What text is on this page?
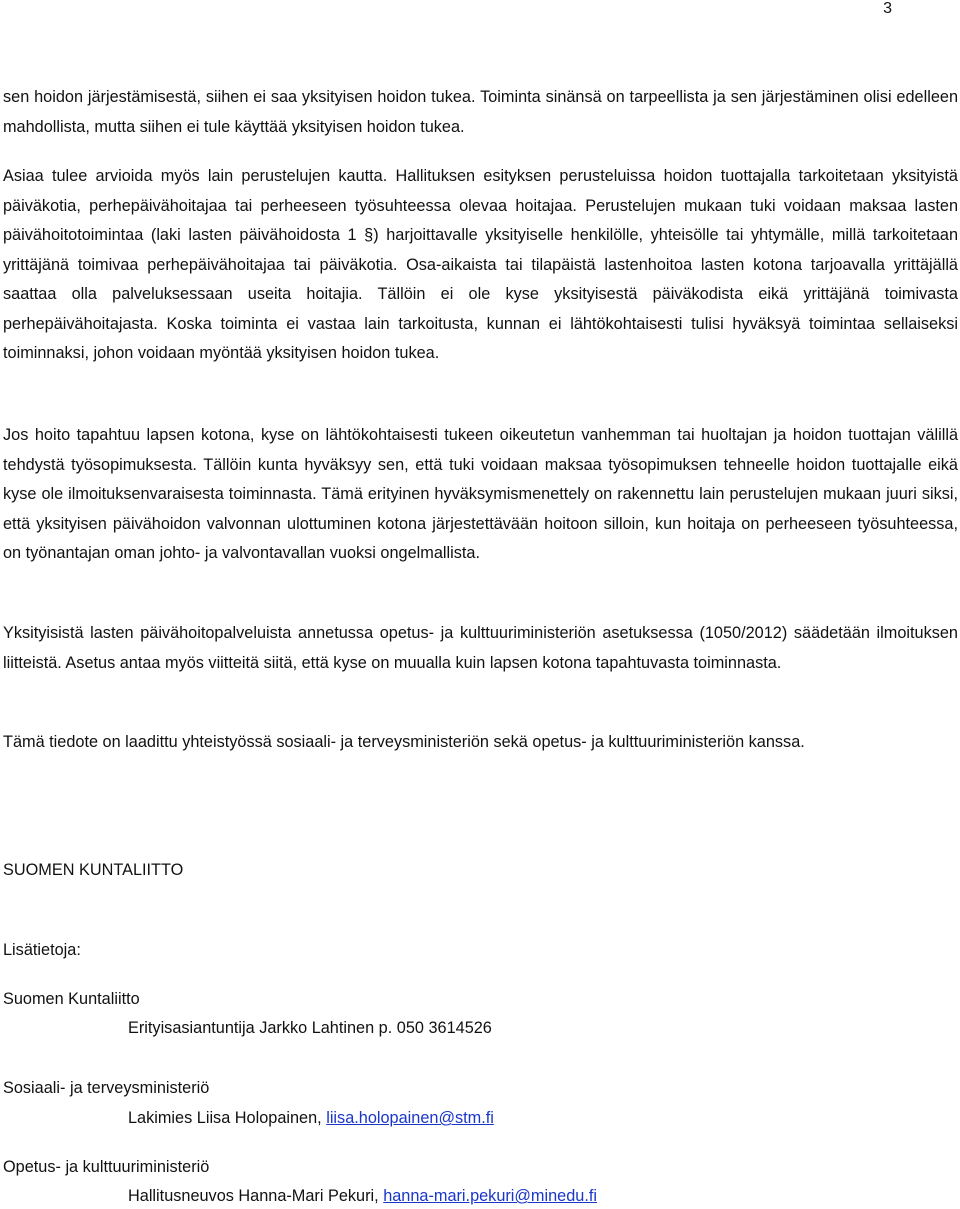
3

sen hoidon järjestämisestä, siihen ei saa yksityisen hoidon tukea. Toiminta sinänsä on tarpeellista ja sen järjestäminen olisi edelleen mahdollista, mutta siihen ei tule käyttää yksityisen hoidon tukea.

Asiaa tulee arvioida myös lain perustelujen kautta. Hallituksen esityksen perusteluissa hoidon tuottajalla tarkoitetaan yksityistä päiväkotia, perhepäivähoitajaa tai perheeseen työsuhteessa olevaa hoitajaa. Perustelujen mukaan tuki voidaan maksaa lasten päivähoitotoimintaa (laki lasten päivähoidosta 1 §) harjoittavalle yksityiselle henkilölle, yhteisölle tai yhtymälle, millä tarkoitetaan yrittäjänä toimivaa perhepäivähoitajaa tai päiväkotia. Osa-aikaista tai tilapäistä lastenhoitoa lasten kotona tarjoavalla yrittäjällä saattaa olla palveluksessaan useita hoitajia. Tällöin ei ole kyse yksityisestä päiväkodista eikä yrittäjänä toimivasta perhepäivähoitajasta. Koska toiminta ei vastaa lain tarkoitusta, kunnan ei lähtökohtaisesti tulisi hyväksyä toimintaa sellaiseksi toiminnaksi, johon voidaan myöntää yksityisen hoidon tukea.

Jos hoito tapahtuu lapsen kotona, kyse on lähtökohtaisesti tukeen oikeutetun vanhemman tai huoltajan ja hoidon tuottajan välillä tehdystä työsopimuksesta. Tällöin kunta hyväksyy sen, että tuki voidaan maksaa työsopimuksen tehneelle hoidon tuottajalle eikä kyse ole ilmoituksenvaraisesta toiminnasta. Tämä erityinen hyväksymismenettely on rakennettu lain perustelujen mukaan juuri siksi, että yksityisen päivähoidon valvonnan ulottuminen kotona järjestettävään hoitoon silloin, kun hoitaja on perheeseen työsuhteessa, on työnantajan oman johto- ja valvontavallan vuoksi ongelmallista.

Yksityisistä lasten päivähoitopalveluista annetussa opetus- ja kulttuuriministeriön asetuksessa (1050/2012) säädetään ilmoituksen liitteistä. Asetus antaa myös viitteitä siitä, että kyse on muualla kuin lapsen kotona tapahtuvasta toiminnasta.

Tämä tiedote on laadittu yhteistyössä sosiaali- ja terveysministeriön sekä opetus- ja kulttuuriministeriön kanssa.

SUOMEN KUNTALIITTO
Lisätietoja:
Suomen Kuntaliitto
Erityisasiantuntija Jarkko Lahtinen p. 050 3614526
Sosiaali- ja terveysministeriö
Lakimies Liisa Holopainen, liisa.holopainen@stm.fi
Opetus- ja kulttuuriministeriö
Hallitusneuvos Hanna-Mari Pekuri, hanna-mari.pekuri@minedu.fi
